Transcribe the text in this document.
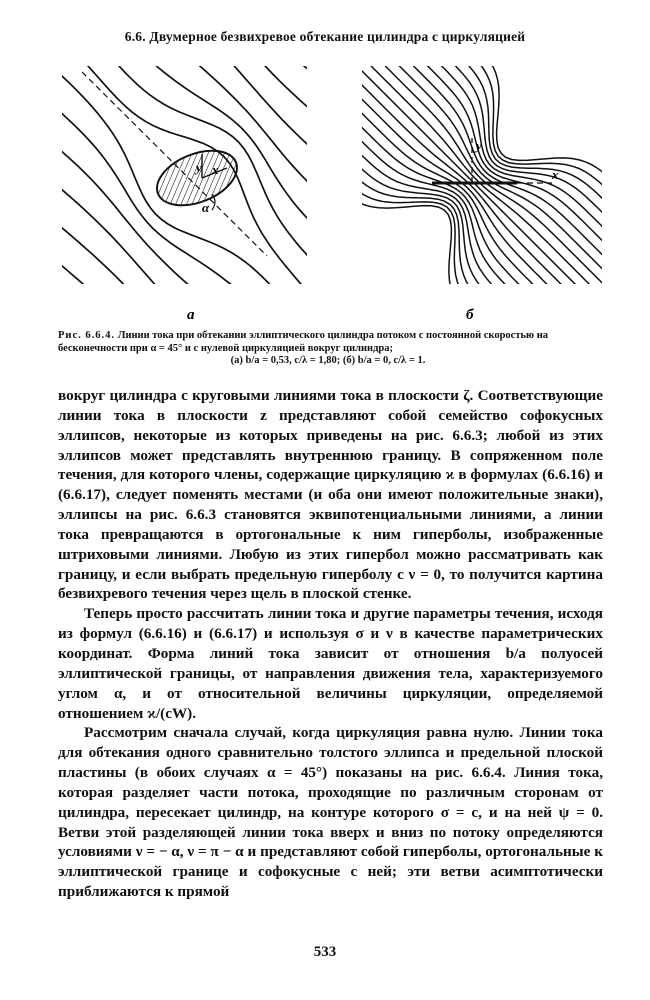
6.6. Двумерное безвихревое обтекание цилиндра с циркуляцией
y x
α
а
y
x
б
Рис. 6.6.4. Линии тока при обтекании эллиптического цилиндра потоком с постоянной скоростью на бесконечности при α = 45° и с нулевой циркуляцией вокруг цилиндра;
(а) b/a = 0,53, c/λ = 1,80; (б) b/a = 0, c/λ = 1.

вокруг цилиндра с круговыми линиями тока в плоскости ζ. Соответствующие линии тока в плоскости z представляют собой семейство софокусных эллипсов, некоторые из которых приведены на рис. 6.6.3; любой из этих эллипсов может представлять внутреннюю границу. В сопряженном поле течения, для которого члены, содержащие циркуляцию ϰ в формулах (6.6.16) и (6.6.17), следует поменять местами (и оба они имеют положительные знаки), эллипсы на рис. 6.6.3 становятся эквипотенциальными линиями, а линии тока превращаются в ортогональные к ним гиперболы, изображенные штриховыми линиями. Любую из этих гипербол можно рассматривать как границу, и если выбрать предельную гиперболу с ν = 0, то получится картина безвихревого течения через щель в плоской стенке.

Теперь просто рассчитать линии тока и другие параметры течения, исходя из формул (6.6.16) и (6.6.17) и используя σ и ν в качестве параметрических координат. Форма линий тока зависит от отношения b/a полуосей эллиптической границы, от направления движения тела, характеризуемого углом α, и от относительной величины циркуляции, определяемой отношением ϰ/(cW).

Рассмотрим сначала случай, когда циркуляция равна нулю. Линии тока для обтекания одного сравнительно толстого эллипса и предельной плоской пластины (в обоих случаях α = 45°) показаны на рис. 6.6.4. Линия тока, которая разделяет части потока, проходящие по различным сторонам от цилиндра, пересекает цилиндр, на контуре которого σ = c, и на ней ψ = 0. Ветви этой разделяющей линии тока вверх и вниз по потоку определяются условиями ν = − α, ν = π − α и представляют собой гиперболы, ортогональные к эллиптической границе и софокусные с ней; эти ветви асимптотически приближаются к прямой

533
